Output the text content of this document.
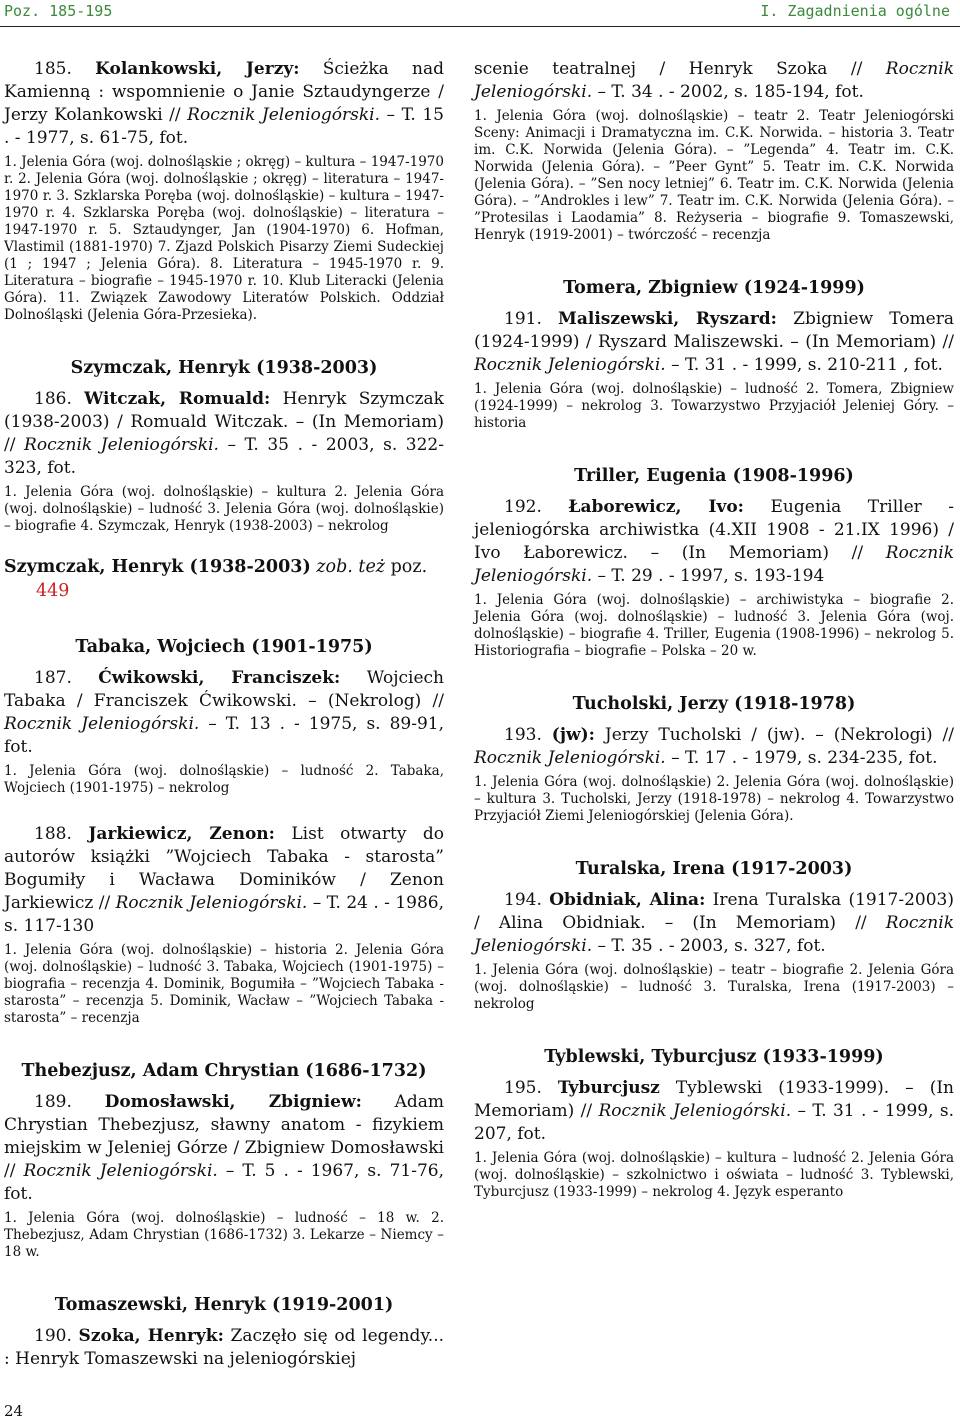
Poz. 185-195	I. Zagadnienia ogólne

185. Kolankowski, Jerzy: Ścieżka nad Kamienną : wspomnienie o Janie Sztaudyngerze / Jerzy Kolankowski // Rocznik Jeleniogórski. – T. 15 . - 1977, s. 61-75, fot.

1. Jelenia Góra (woj. dolnośląskie ; okręg) – kultura – 1947-1970 r. 2. Jelenia Góra (woj. dolnośląskie ; okręg) – literatura – 1947-1970 r. 3. Szklarska Poręba (woj. dolnośląskie) – kultura – 1947-1970 r. 4. Szklarska Poręba (woj. dolnośląskie) – literatura – 1947-1970 r. 5. Sztaudynger, Jan (1904-1970) 6. Hofman, Vlastimil (1881-1970) 7. Zjazd Polskich Pisarzy Ziemi Sudeckiej (1 ; 1947 ; Jelenia Góra). 8. Literatura – 1945-1970 r. 9. Literatura – biografie – 1945-1970 r. 10. Klub Literacki (Jelenia Góra). 11. Związek Zawodowy Literatów Polskich. Oddział Dolnośląski (Jelenia Góra-Przesieka).

Szymczak, Henryk (1938-2003)

186. Witczak, Romuald: Henryk Szymczak (1938-2003) / Romuald Witczak. – (In Memoriam) // Rocznik Jeleniogórski. – T. 35 . - 2003, s. 322-323, fot.

1. Jelenia Góra (woj. dolnośląskie) – kultura 2. Jelenia Góra (woj. dolnośląskie) – ludność 3. Jelenia Góra (woj. dolnośląskie) – biografie 4. Szymczak, Henryk (1938-2003) – nekrolog

Szymczak, Henryk (1938-2003) zob. też poz.
449
Tabaka, Wojciech (1901-1975)

187. Ćwikowski, Franciszek: Wojciech Tabaka / Franciszek Ćwikowski. – (Nekrolog) // Rocznik Jeleniogórski. – T. 13 . - 1975, s. 89-91, fot.

1. Jelenia Góra (woj. dolnośląskie) – ludność 2. Tabaka, Wojciech (1901-1975) – nekrolog

188. Jarkiewicz, Zenon: List otwarty do autorów książki ”Wojciech Tabaka - starosta” Bogumiły i Wacława Dominików / Zenon Jarkiewicz // Rocznik Jeleniogórski. – T. 24 . - 1986, s. 117-130

1. Jelenia Góra (woj. dolnośląskie) – historia 2. Jelenia Góra (woj. dolnośląskie) – ludność 3. Tabaka, Wojciech (1901-1975) – biografia – recenzja 4. Dominik, Bogumiła – ”Wojciech Tabaka - starosta” – recenzja 5. Dominik, Wacław – ”Wojciech Tabaka - starosta” – recenzja

Thebezjusz, Adam Chrystian (1686-1732)

189. Domosławski, Zbigniew: Adam Chrystian Thebezjusz, sławny anatom - fizykiem miejskim w Jeleniej Górze / Zbigniew Domosławski // Rocznik Jeleniogórski. – T. 5 . - 1967, s. 71-76, fot.

1. Jelenia Góra (woj. dolnośląskie) – ludność – 18 w. 2. Thebezjusz, Adam Chrystian (1686-1732) 3. Lekarze – Niemcy – 18 w.

Tomaszewski, Henryk (1919-2001)

190. Szoka, Henryk: Zaczęło się od legendy... : Henryk Tomaszewski na jeleniogórskiej

scenie teatralnej / Henryk Szoka // Rocznik Jeleniogórski. – T. 34 . - 2002, s. 185-194, fot.

1. Jelenia Góra (woj. dolnośląskie) – teatr 2. Teatr Jeleniogórski Sceny: Animacji i Dramatyczna im. C.K. Norwida. – historia 3. Teatr im. C.K. Norwida (Jelenia Góra). – ”Legenda” 4. Teatr im. C.K. Norwida (Jelenia Góra). – ”Peer Gynt” 5. Teatr im. C.K. Norwida (Jelenia Góra). – ”Sen nocy letniej” 6. Teatr im. C.K. Norwida (Jelenia Góra). – ”Androkles i lew” 7. Teatr im. C.K. Norwida (Jelenia Góra). – ”Protesilas i Laodamia” 8. Reżyseria – biografie 9. Tomaszewski, Henryk (1919-2001) – twórczość – recenzja

Tomera, Zbigniew (1924-1999)

191. Maliszewski, Ryszard: Zbigniew Tomera (1924-1999) / Ryszard Maliszewski. – (In Memoriam) // Rocznik Jeleniogórski. – T. 31 . - 1999, s. 210-211 , fot.

1. Jelenia Góra (woj. dolnośląskie) – ludność 2. Tomera, Zbigniew (1924-1999) – nekrolog 3. Towarzystwo Przyjaciół Jeleniej Góry. – historia

Triller, Eugenia (1908-1996)

192. Łaborewicz, Ivo: Eugenia Triller - jeleniogórska archiwistka (4.XII 1908 - 21.IX 1996) / Ivo Łaborewicz. – (In Memoriam) // Rocznik Jeleniogórski. – T. 29 . - 1997, s. 193-194

1. Jelenia Góra (woj. dolnośląskie) – archiwistyka – biografie 2. Jelenia Góra (woj. dolnośląskie) – ludność 3. Jelenia Góra (woj. dolnośląskie) – biografie 4. Triller, Eugenia (1908-1996) – nekrolog 5. Historiografia – biografie – Polska – 20 w.

Tucholski, Jerzy (1918-1978)

193. (jw): Jerzy Tucholski / (jw). – (Nekrologi) // Rocznik Jeleniogórski. – T. 17 . - 1979, s. 234-235, fot.

1. Jelenia Góra (woj. dolnośląskie) 2. Jelenia Góra (woj. dolnośląskie) – kultura 3. Tucholski, Jerzy (1918-1978) – nekrolog 4. Towarzystwo Przyjaciół Ziemi Jeleniogórskiej (Jelenia Góra).

Turalska, Irena (1917-2003)

194. Obidniak, Alina: Irena Turalska (1917-2003) / Alina Obidniak. – (In Memoriam) // Rocznik Jeleniogórski. – T. 35 . - 2003, s. 327, fot.

1. Jelenia Góra (woj. dolnośląskie) – teatr – biografie 2. Jelenia Góra (woj. dolnośląskie) – ludność 3. Turalska, Irena (1917-2003) – nekrolog

Tyblewski, Tyburcjusz (1933-1999)

195. Tyburcjusz Tyblewski (1933-1999). – (In Memoriam) // Rocznik Jeleniogórski. – T. 31 . - 1999, s. 207, fot.

1. Jelenia Góra (woj. dolnośląskie) – kultura – ludność 2. Jelenia Góra (woj. dolnośląskie) – szkolnictwo i oświata – ludność 3. Tyblewski, Tyburcjusz (1933-1999) – nekrolog 4. Język esperanto

24
